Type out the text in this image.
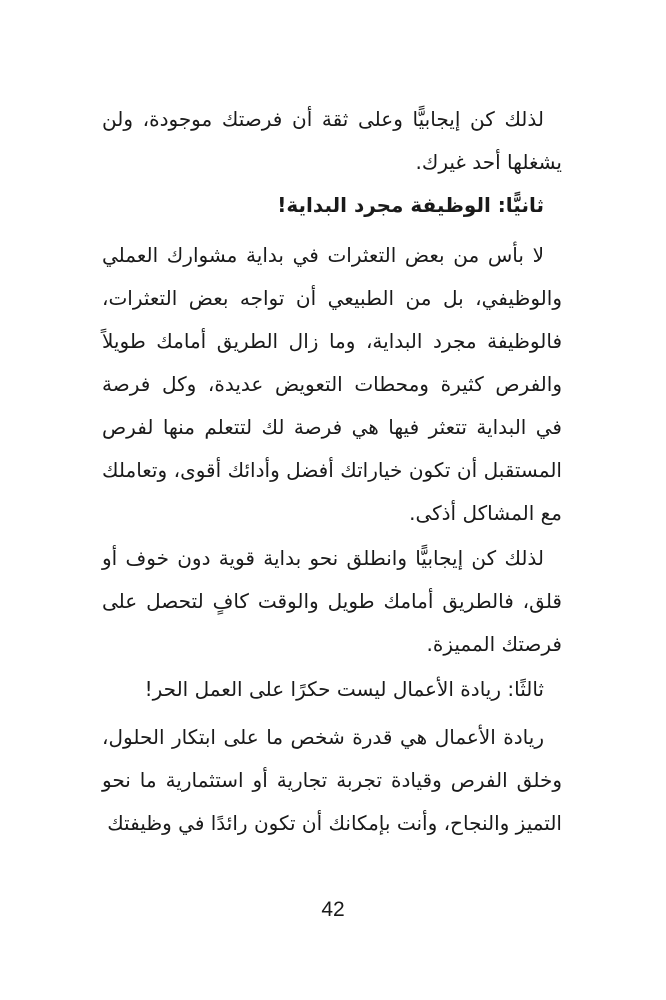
لذلك كن إيجابيًّا وعلى ثقة أن فرصتك موجودة، ولن يشغلها أحد غيرك.

ثانيًّا: الوظيفة مجرد البداية!

لا بأس من بعض التعثرات في بداية مشوارك العملي والوظيفي، بل من الطبيعي أن تواجه بعض التعثرات، فالوظيفة مجرد البداية، وما زال الطريق أمامك طويلاً والفرص كثيرة ومحطات التعويض عديدة، وكل فرصة في البداية تتعثر فيها هي فرصة لك لتتعلم منها لفرص المستقبل أن تكون خياراتك أفضل وأدائك أقوى، وتعاملك مع المشاكل أذكى.

لذلك كن إيجابيًّا وانطلق نحو بداية قوية دون خوف أو قلق، فالطريق أمامك طويل والوقت كافٍ لتحصل على فرصتك المميزة.

ثالثًا: ريادة الأعمال ليست حكرًا على العمل الحر!

ريادة الأعمال هي قدرة شخص ما على ابتكار الحلول، وخلق الفرص وقيادة تجربة تجارية أو استثمارية ما نحو التميز والنجاح، وأنت بإمكانك أن تكون رائدًا في وظيفتك

42
